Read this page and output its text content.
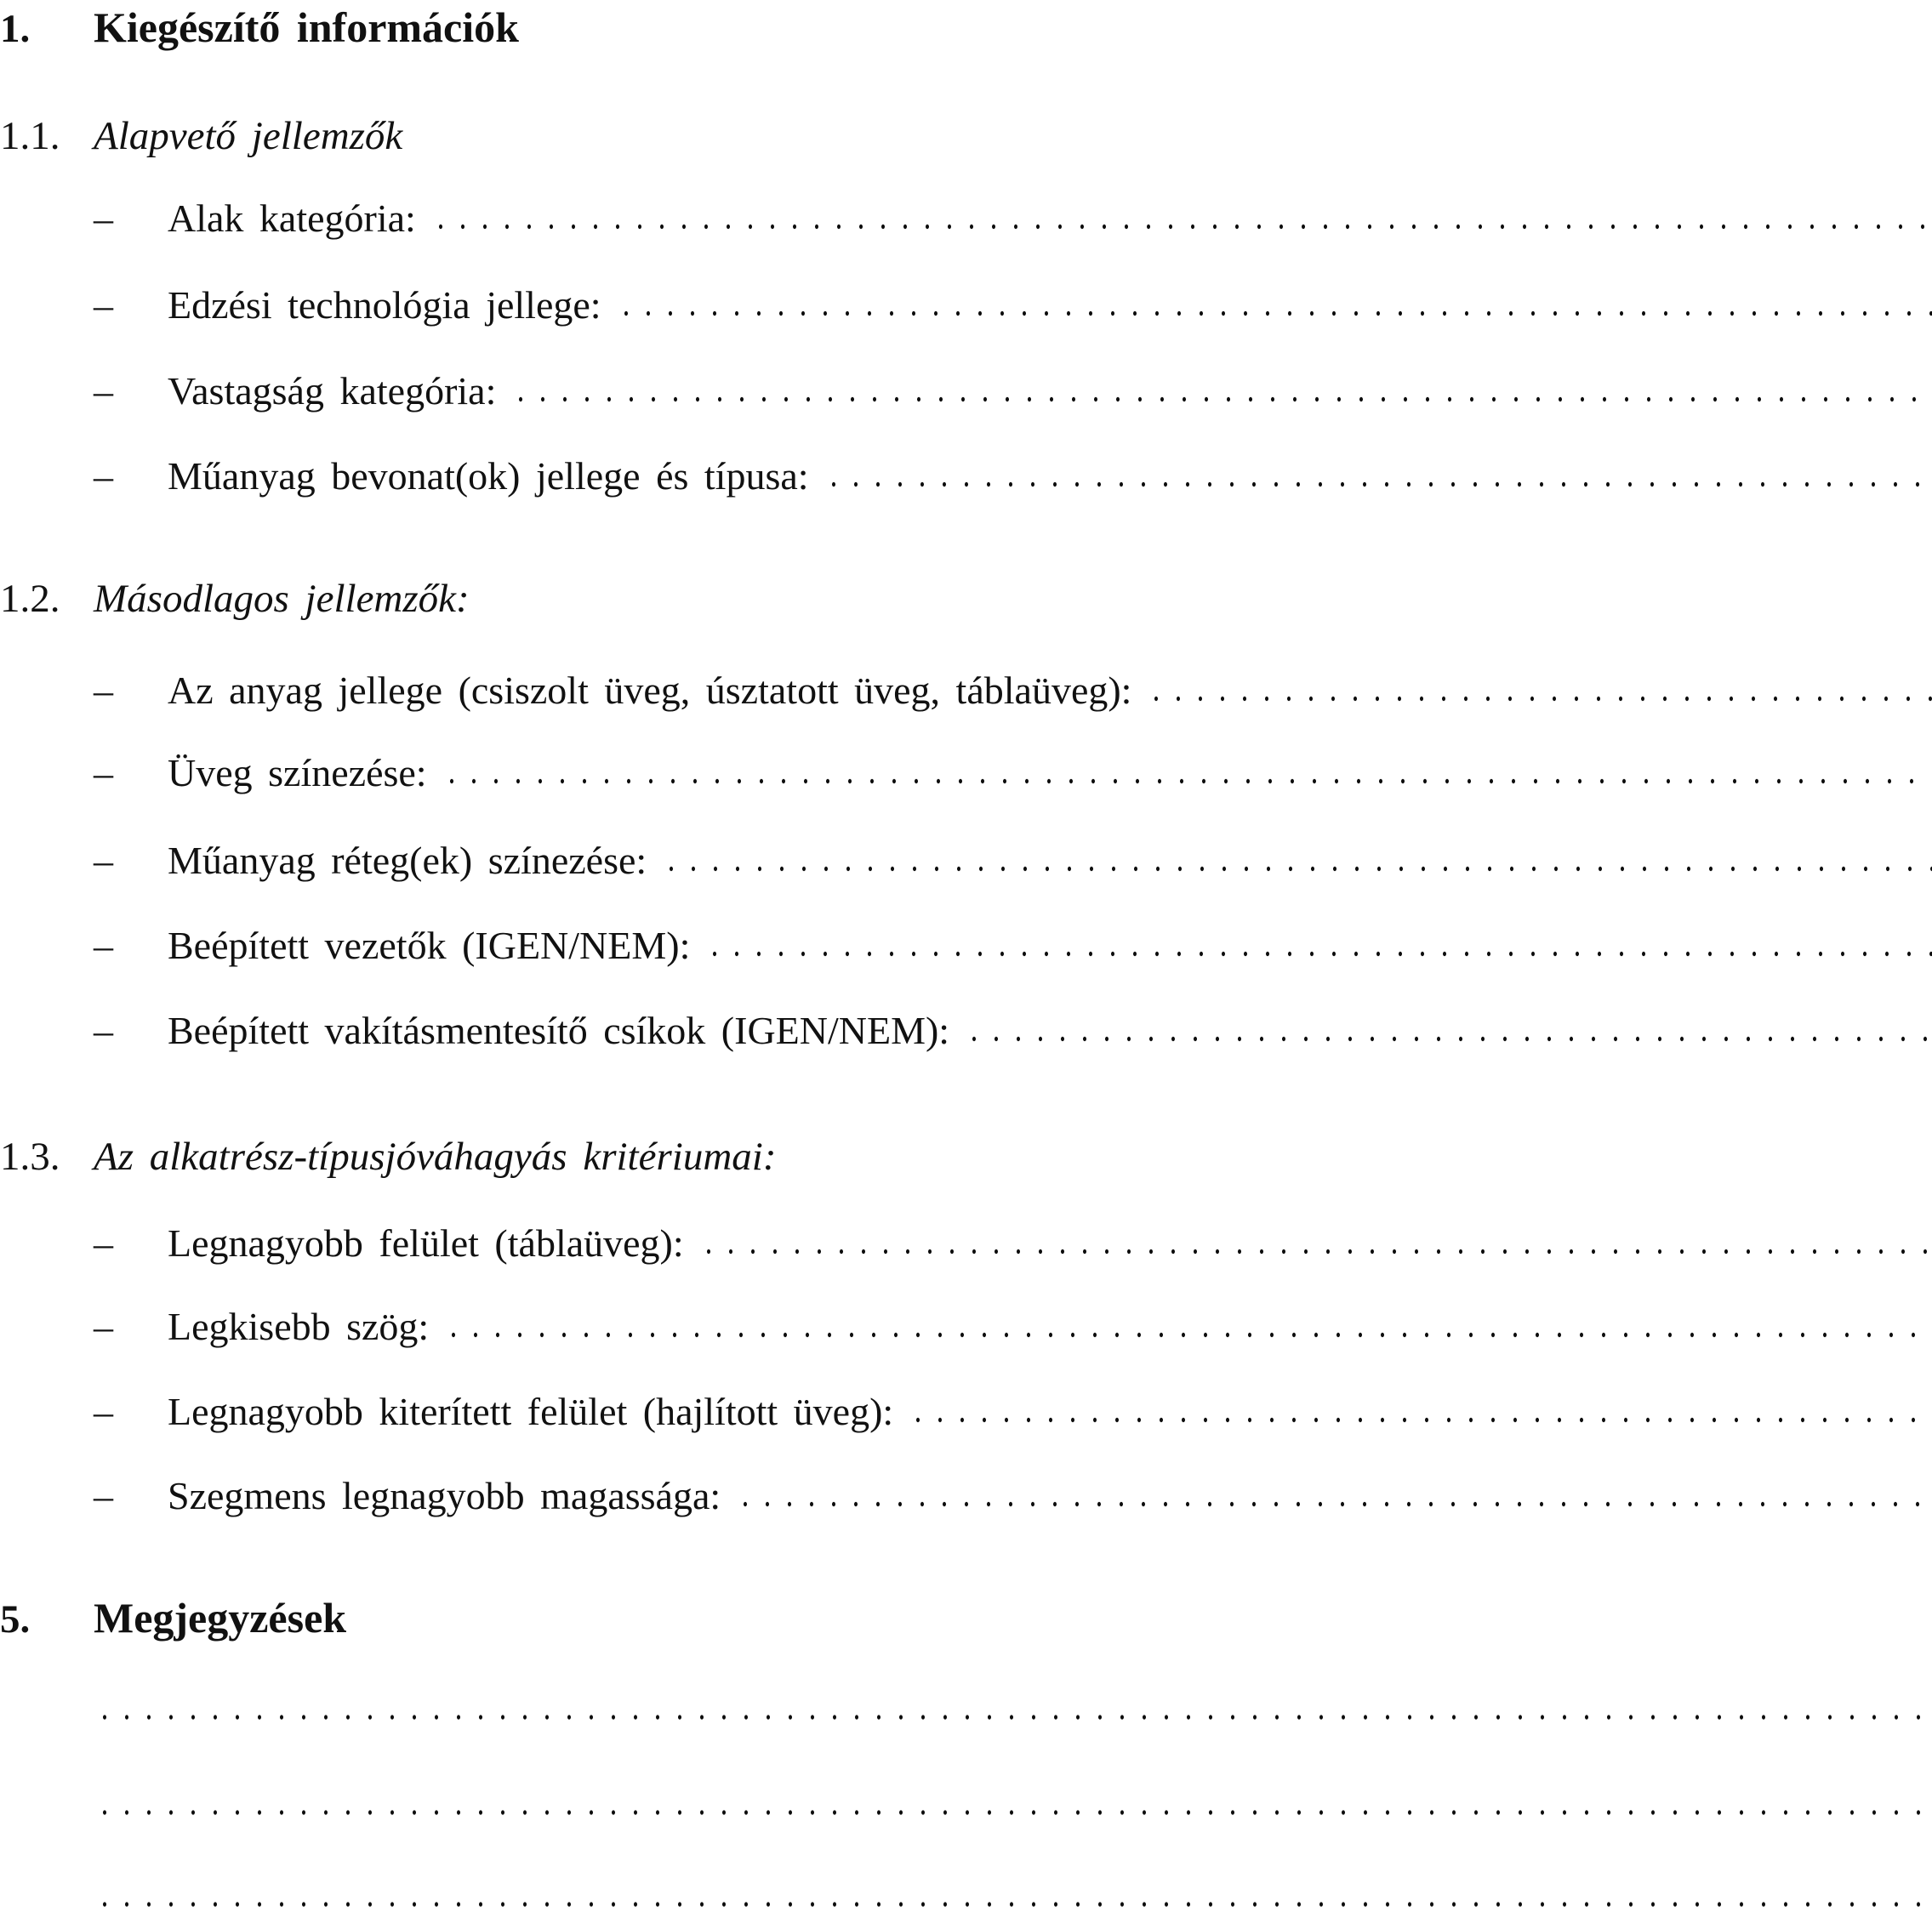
1.	Kiegészítő információk
1.1. Alapvető jellemzők
–	Alak kategória:
–	Edzési technológia jellege:
–	Vastagság kategória:
–	Műanyag bevonat(ok) jellege és típusa:
1.2. Másodlagos jellemzők:
–	Az anyag jellege (csiszolt üveg, úsztatott üveg, táblaüveg):
–	Üveg színezése:
–	Műanyag réteg(ek) színezése:
–	Beépített vezetők (IGEN/NEM):
–	Beépített vakításmentesítő csíkok (IGEN/NEM):
1.3. Az alkatrész-típusjóváhagyás kritériumai:
–	Legnagyobb felület (táblaüveg):
–	Legkisebb szög:
–	Legnagyobb kiterített felület (hajlított üveg):
–	Szegmens legnagyobb magassága:
5.	Megjegyzések
